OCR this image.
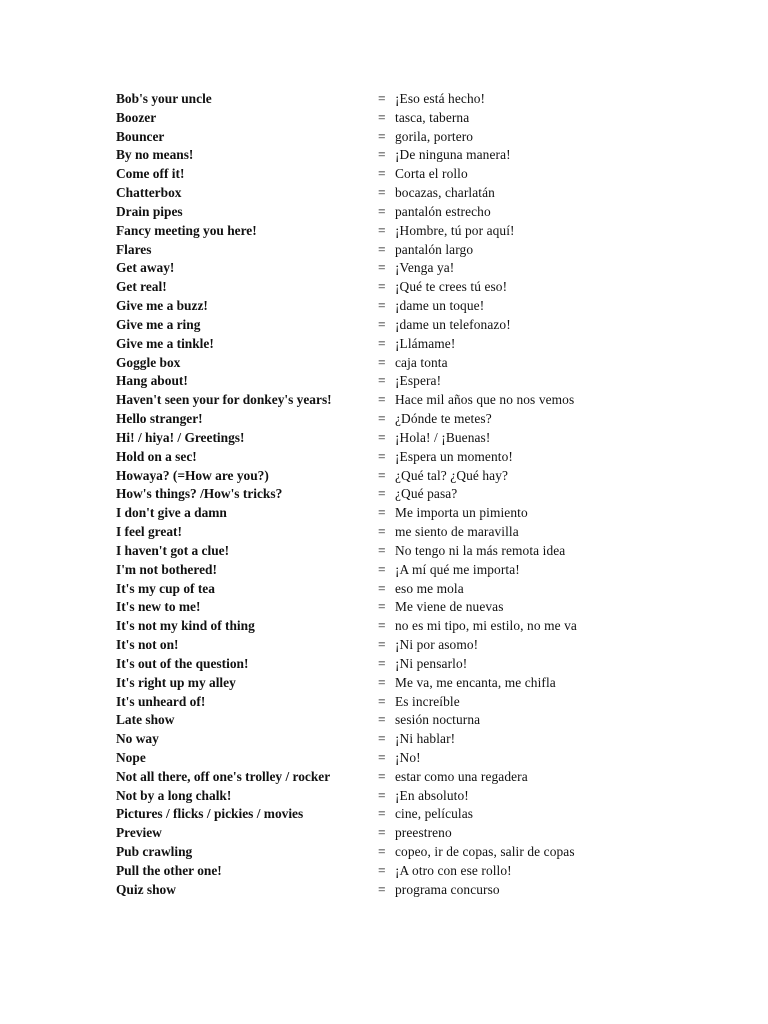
Bob's your uncle	= ¡Eso está hecho!
Boozer	= tasca, taberna
Bouncer	= gorila, portero
By no means!	= ¡De ninguna manera!
Come off it!	= Corta el rollo
Chatterbox	= bocazas, charlatán
Drain pipes	= pantalón estrecho
Fancy meeting you here!	= ¡Hombre, tú por aquí!
Flares	= pantalón largo
Get away!	= ¡Venga ya!
Get real!	= ¡Qué te crees tú eso!
Give me a buzz!	= ¡dame un toque!
Give me a ring	= ¡dame un telefonazo!
Give me a tinkle!	= ¡Llámame!
Goggle box	= caja tonta
Hang about!	= ¡Espera!
Haven't seen your for donkey's years!	= Hace mil años que no nos vemos
Hello stranger!	= ¿Dónde te metes?
Hi! / hiya! / Greetings!	= ¡Hola! / ¡Buenas!
Hold on a sec!	= ¡Espera un momento!
Howaya? (=How are you?)	= ¿Qué tal? ¿Qué hay?
How's things? /How's tricks?	= ¿Qué pasa?
I don't give a damn	= Me importa un pimiento
I feel great!	= me siento de maravilla
I haven't got a clue!	= No tengo ni la más remota idea
I'm not bothered!	= ¡A mí qué me importa!
It's my cup of tea	= eso me mola
It's new to me!	= Me viene de nuevas
It's not my kind of thing	= no es mi tipo, mi estilo, no me va
It's not on!	= ¡Ni por asomo!
It's out of the question!	= ¡Ni pensarlo!
It's right up my alley	= Me va, me encanta, me chifla
It's unheard of!	= Es increíble
Late show	= sesión nocturna
No way	= ¡Ni hablar!
Nope	= ¡No!
Not all there, off one's trolley / rocker	= estar como una regadera
Not by a long chalk!	= ¡En absoluto!
Pictures / flicks / pickies / movies	= cine, películas
Preview	= preestreno
Pub crawling	= copeo, ir de copas, salir de copas
Pull the other one!	= ¡A otro con ese rollo!
Quiz show	= programa concurso
